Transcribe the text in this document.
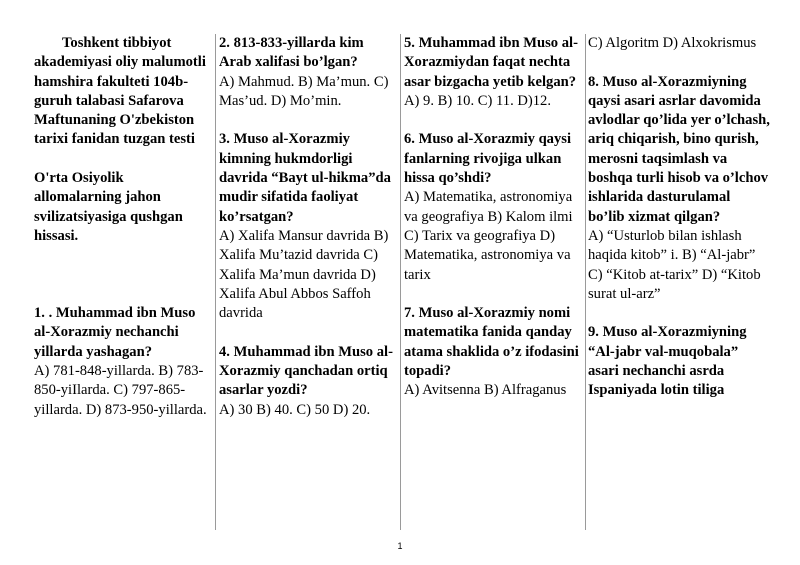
Toshkent tibbiyot akademiyasi oliy malumotli hamshira fakulteti 104b- guruh talabasi Safarova Maftunaning O'zbekiston tarixi fanidan tuzgan testi

O'rta Osiyolik allomalarning jahon svilizatsiyasiga qushgan hissasi.

1. . Muhammad ibn Muso al-Xorazmiy nechanchi yillarda yashagan?

A) 781-848-yillarda. B) 783-850-yiIlarda. C) 797-865-yillarda. D) 873-950-yillarda.

2. 813-833-yillarda kim Arab xalifasi bo’lgan?

A) Mahmud. B) Ma’mun. C) Mas’ud. D) Mo’min.

3. Muso al-Xorazmiy kimning hukmdorligi davrida “Bayt ul-hikma”da mudir sifatida faoliyat ko’rsatgan?

A) Xalifa Mansur davrida B) Xalifa Mu’tazid davrida C) Xalifa Ma’mun davrida D) Xalifa Abul Abbos Saffoh davrida

4. Muhammad ibn Muso al-Xorazmiy qanchadan ortiq asarlar yozdi?

A) 30 B) 40. C) 50 D) 20.

5. Muhammad ibn Muso al-Xorazmiydan faqat nechta asar bizgacha yetib kelgan?

A) 9. B) 10. C) 11. D)12.

6. Muso al-Xorazmiy qaysi fanlarning rivojiga ulkan hissa qo’shdi?

A) Matematika, astronomiya va geografiya B) Kalom ilmi C) Tarix va geografiya D) Matematika, astronomiya va tarix

7. Muso al-Xorazmiy nomi matematika fanida qanday atama shaklida o’z ifodasini topadi?

A) Avitsenna B) Alfraganus

C) Algoritm D) Alxokrismus

8. Muso al-Xorazmiyning qaysi asari asrlar davomida avlodlar qo’lida yer o’lchash, ariq chiqarish, bino qurish, merosni taqsimlash va boshqa turli hisob va o’lchov ishlarida dasturulamal bo’lib xizmat qilgan?

A) “Usturlob bilan ishlash haqida kitob” i. B) “Al-jabr” C) “Kitob at-tarix” D) “Kitob surat ul-arz”

9. Muso al-Xorazmiyning “Al-jabr val-muqobala” asari nechanchi asrda Ispaniyada lotin tiliga

1
